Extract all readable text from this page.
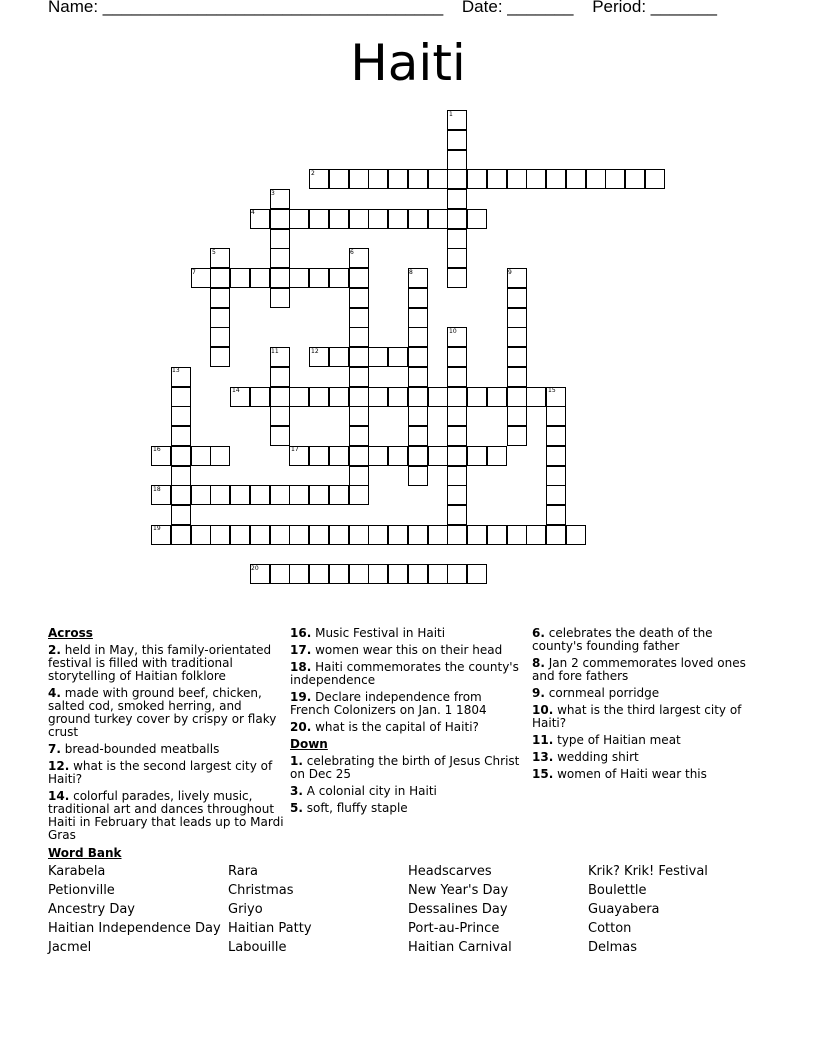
Name: ____________________________________ Date: _______ Period: _______
Haiti
1
2
3
4
5	6
7	8	9
10
11	12
13
14	15
16	17
18
19
20
Across
2. held in May, this family-orientated festival is filled with traditional storytelling of Haitian folklore
4. made with ground beef, chicken, salted cod, smoked herring, and ground turkey cover by crispy or flaky crust
7. bread-bounded meatballs
12. what is the second largest city of Haiti?
14. colorful parades, lively music, traditional art and dances throughout Haiti in February that leads up to Mardi Gras
16. Music Festival in Haiti
17. women wear this on their head
18. Haiti commemorates the county's independence
19. Declare independence from French Colonizers on Jan. 1 1804
20. what is the capital of Haiti?
Down
1. celebrating the birth of Jesus Christ on Dec 25
3. A colonial city in Haiti
5. soft, fluffy staple
6. celebrates the death of the county's founding father
8. Jan 2 commemorates loved ones and fore fathers
9. cornmeal porridge
10. what is the third largest city of Haiti?
11. type of Haitian meat
13. wedding shirt
15. women of Haiti wear this
Word Bank
Karabela
Petionville
Ancestry Day
Haitian Independence Day
Jacmel
Rara
Christmas
Griyo
Haitian Patty
Labouille
Headscarves
New Year's Day
Dessalines Day
Port-au-Prince
Haitian Carnival
Krik? Krik! Festival
Boulettle
Guayabera
Cotton
Delmas
